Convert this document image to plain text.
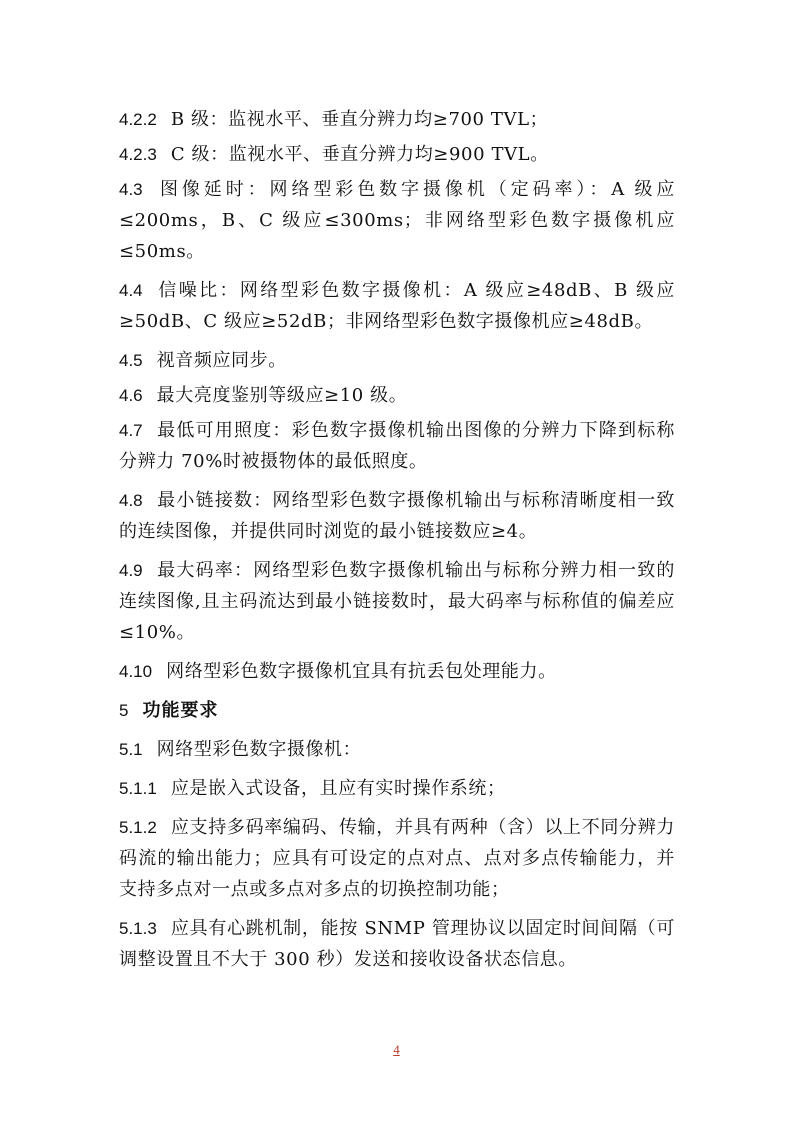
4.2.2 B 级：监视水平、垂直分辨力均≥700 TVL；

4.2.3 C 级：监视水平、垂直分辨力均≥900 TVL。

4.3 图像延时：网络型彩色数字摄像机（定码率）：A 级应≤200ms，B、C 级应≤300ms；非网络型彩色数字摄像机应≤50ms。

4.4 信噪比：网络型彩色数字摄像机：A 级应≥48dB、B 级应≥50dB、C 级应≥52dB；非网络型彩色数字摄像机应≥48dB。

4.5 视音频应同步。

4.6 最大亮度鉴别等级应≥10 级。

4.7 最低可用照度：彩色数字摄像机输出图像的分辨力下降到标称分辨力 70%时被摄物体的最低照度。

4.8 最小链接数：网络型彩色数字摄像机输出与标称清晰度相一致的连续图像，并提供同时浏览的最小链接数应≥4。

4.9 最大码率：网络型彩色数字摄像机输出与标称分辨力相一致的连续图像,且主码流达到最小链接数时，最大码率与标称值的偏差应≤10%。

4.10 网络型彩色数字摄像机宜具有抗丢包处理能力。

5 功能要求

5.1 网络型彩色数字摄像机：

5.1.1 应是嵌入式设备，且应有实时操作系统；

5.1.2 应支持多码率编码、传输，并具有两种（含）以上不同分辨力码流的输出能力；应具有可设定的点对点、点对多点传输能力，并支持多点对一点或多点对多点的切换控制功能；

5.1.3 应具有心跳机制，能按 SNMP 管理协议以固定时间间隔（可调整设置且不大于 300 秒）发送和接收设备状态信息。

4
